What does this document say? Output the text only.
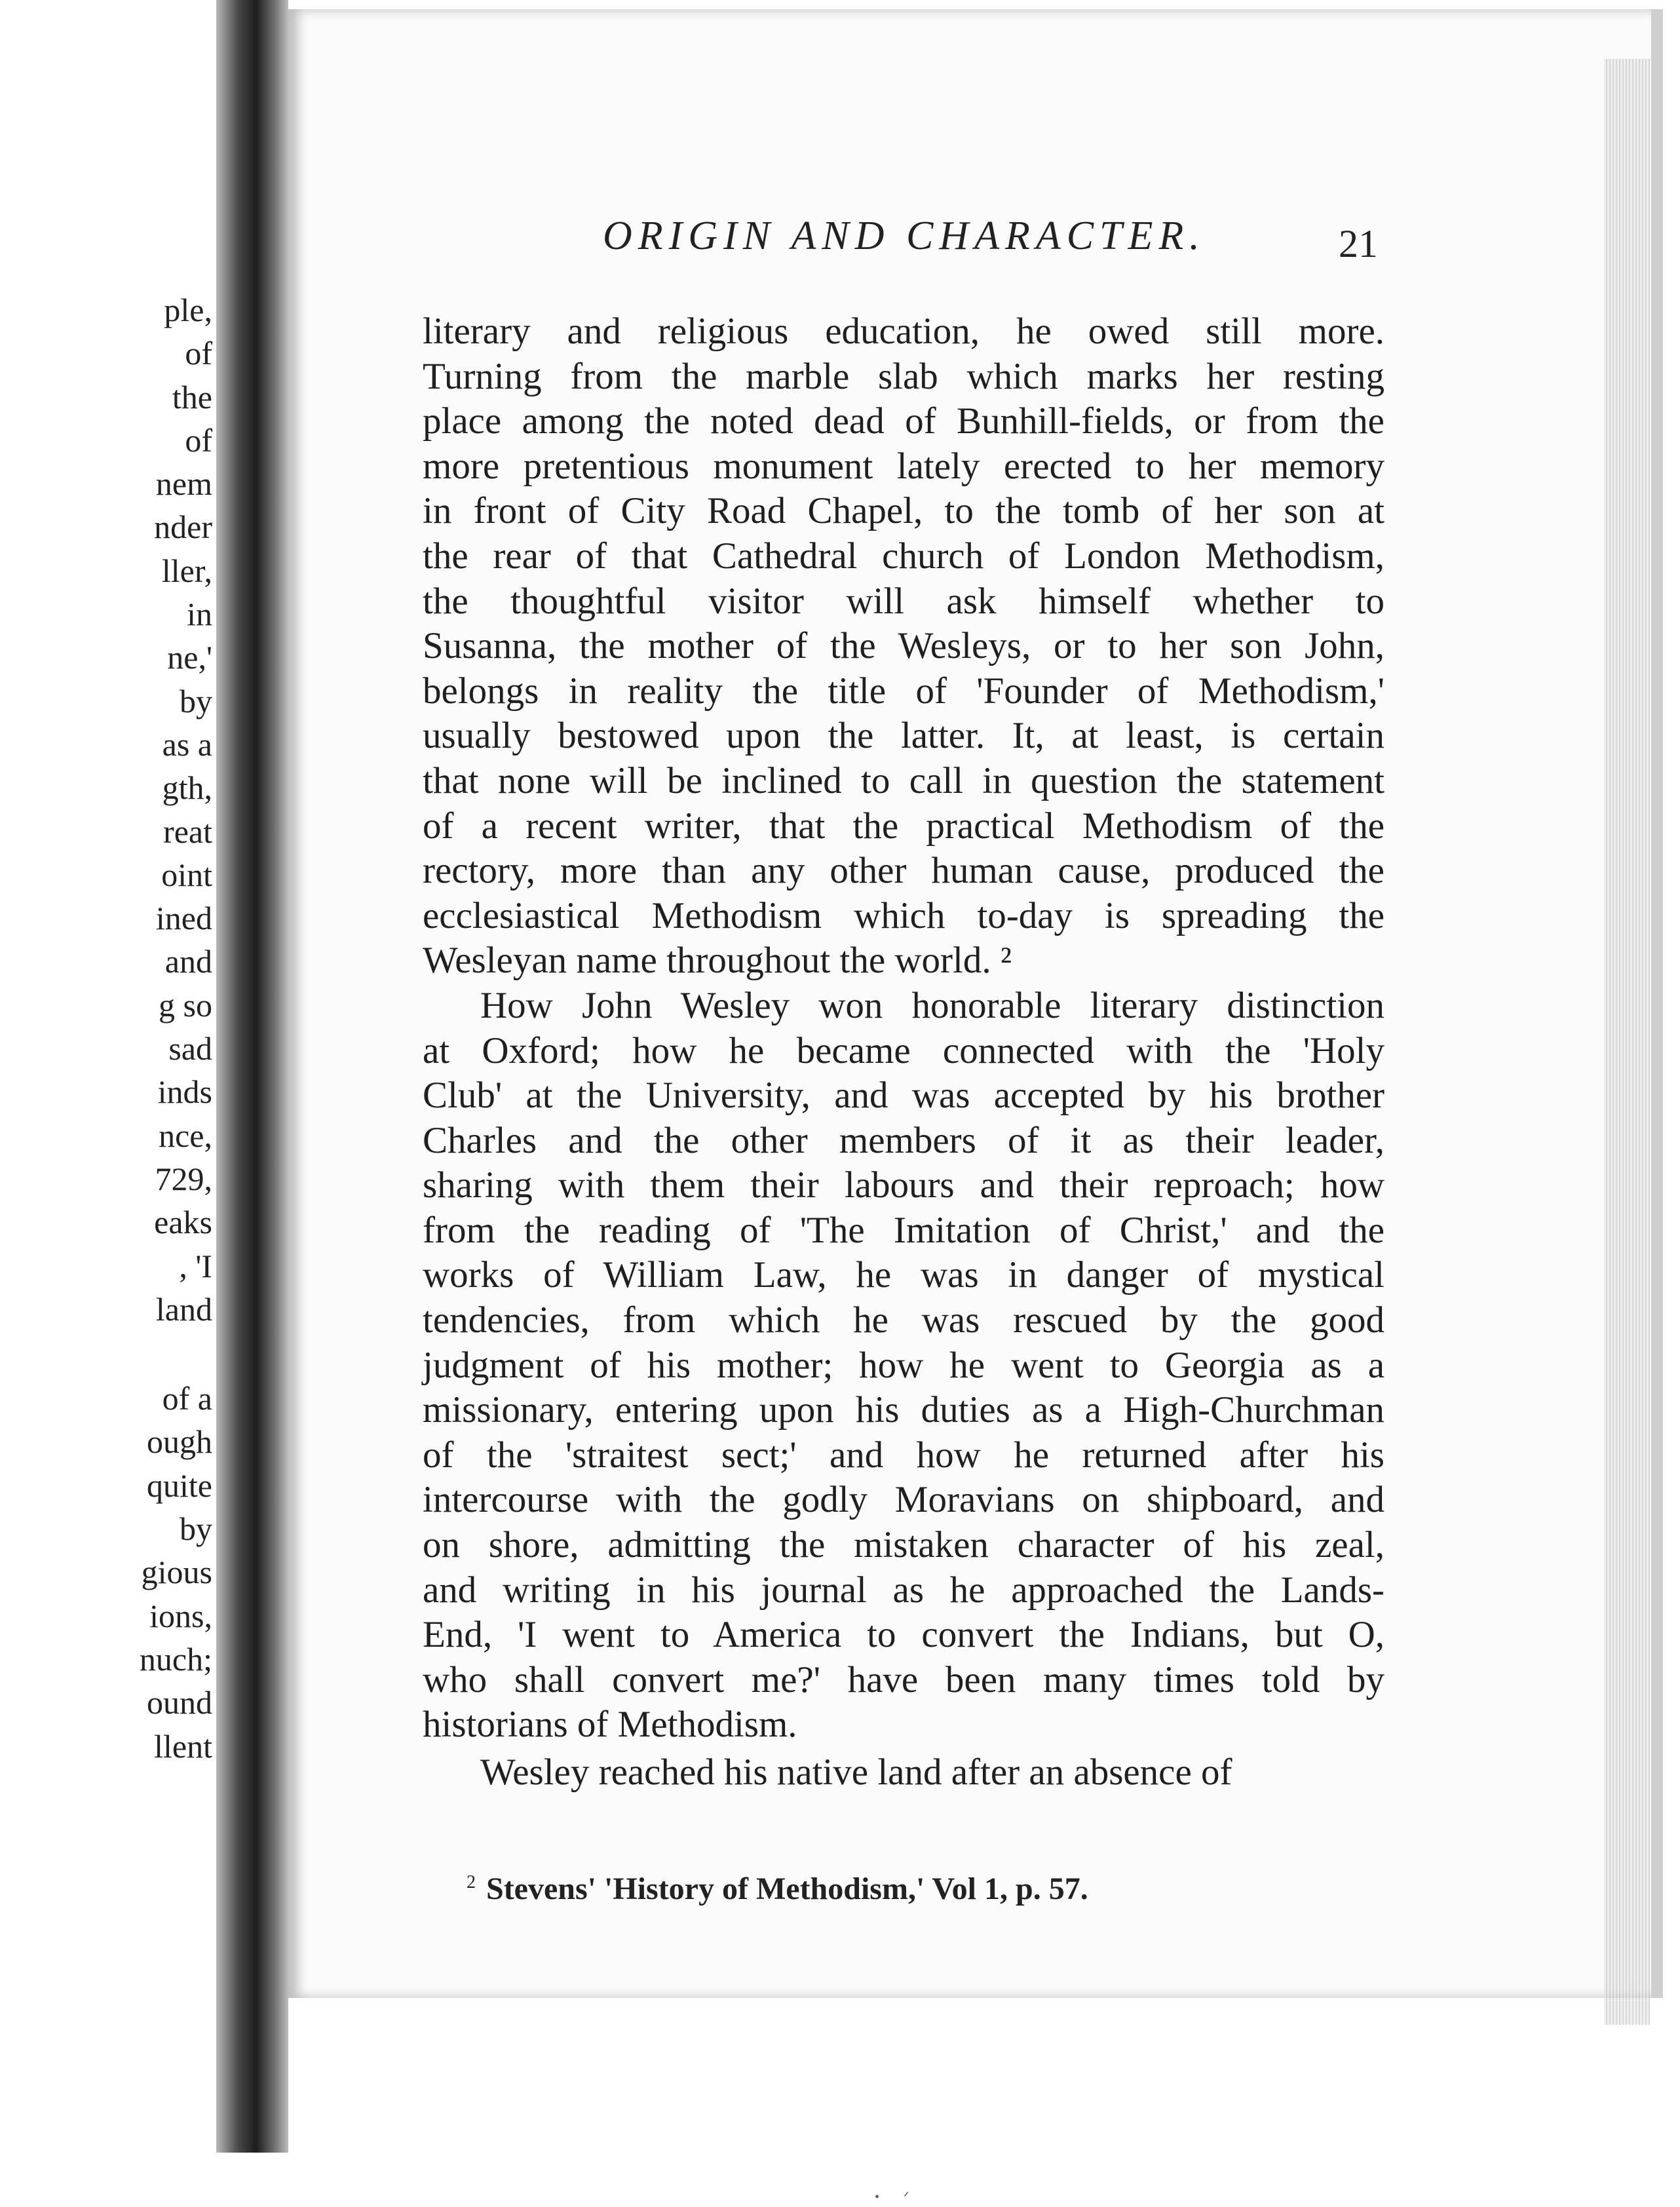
ple,
of
the
of
nem
nder
ller,
in
ne,'
by
as a
gth,
reat
oint
ined
and
g so
sad
inds
nce,
729,
eaks
, 'I
land
of a
ough
quite
by
gious
ions,
nuch;
ound
llent
ORIGIN AND CHARACTER.	21
literary and religious education, he owed still more.
Turning from the marble slab which marks her resting
place among the noted dead of Bunhill-fields, or from the
more pretentious monument lately erected to her memory
in front of City Road Chapel, to the tomb of her son at
the rear of that Cathedral church of London Methodism,
the thoughtful visitor will ask himself whether to
Susanna, the mother of the Wesleys, or to her son John,
belongs in reality the title of 'Founder of Methodism,'
usually bestowed upon the latter. It, at least, is certain
that none will be inclined to call in question the statement
of a recent writer, that the practical Methodism of the
rectory, more than any other human cause, produced the
ecclesiastical Methodism which to-day is spreading the
Wesleyan name throughout the world. ²
How John Wesley won honorable literary distinction
at Oxford; how he became connected with the 'Holy
Club' at the University, and was accepted by his brother
Charles and the other members of it as their leader,
sharing with them their labours and their reproach; how
from the reading of 'The Imitation of Christ,' and the
works of William Law, he was in danger of mystical
tendencies, from which he was rescued by the good
judgment of his mother; how he went to Georgia as a
missionary, entering upon his duties as a High-Churchman
of the 'straitest sect;' and how he returned after his
intercourse with the godly Moravians on shipboard, and
on shore, admitting the mistaken character of his zeal,
and writing in his journal as he approached the Lands-
End, 'I went to America to convert the Indians, but O,
who shall convert me?' have been many times told by
historians of Methodism.
Wesley reached his native land after an absence of
$^2$ Stevens' 'History of Methodism,' Vol 1, p. 57.
• ᐟ
